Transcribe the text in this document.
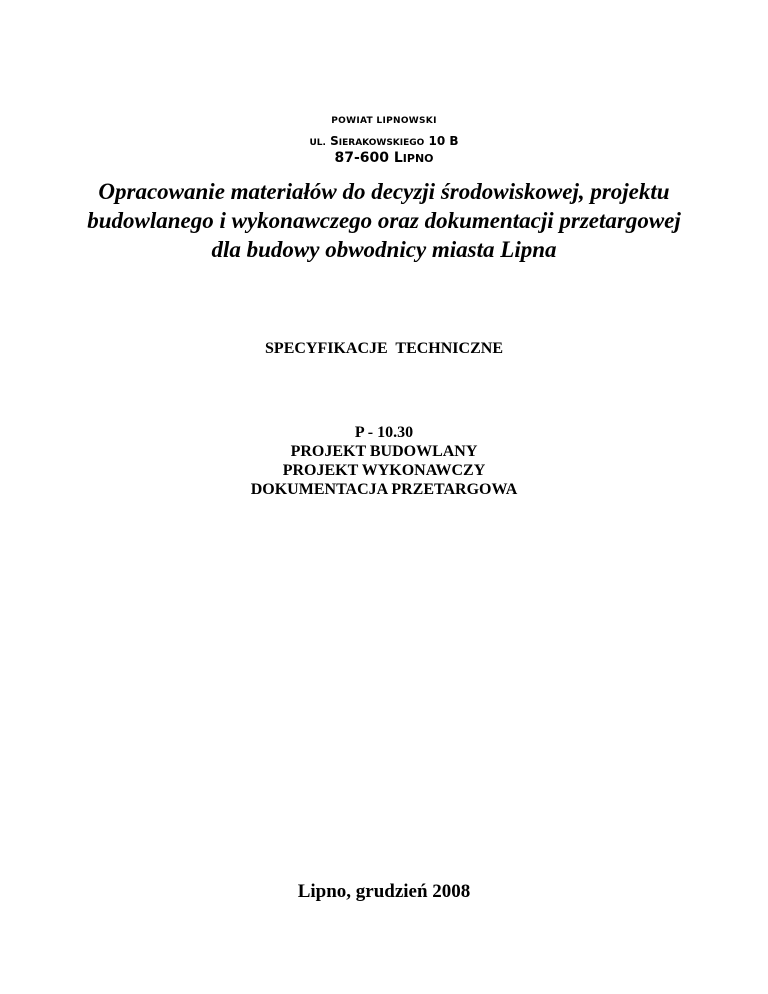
POWIAT LIPNOWSKI
UL. SIERAKOWSKIEGO 10 B
87-600 LIPNO
Opracowanie materiałów do decyzji środowiskowej, projektu
budowlanego i wykonawczego oraz dokumentacji przetargowej
dla budowy obwodnicy miasta Lipna
SPECYFIKACJE TECHNICZNE
P - 10.30
PROJEKT BUDOWLANY
PROJEKT WYKONAWCZY
DOKUMENTACJA PRZETARGOWA
Lipno, grudzień 2008
